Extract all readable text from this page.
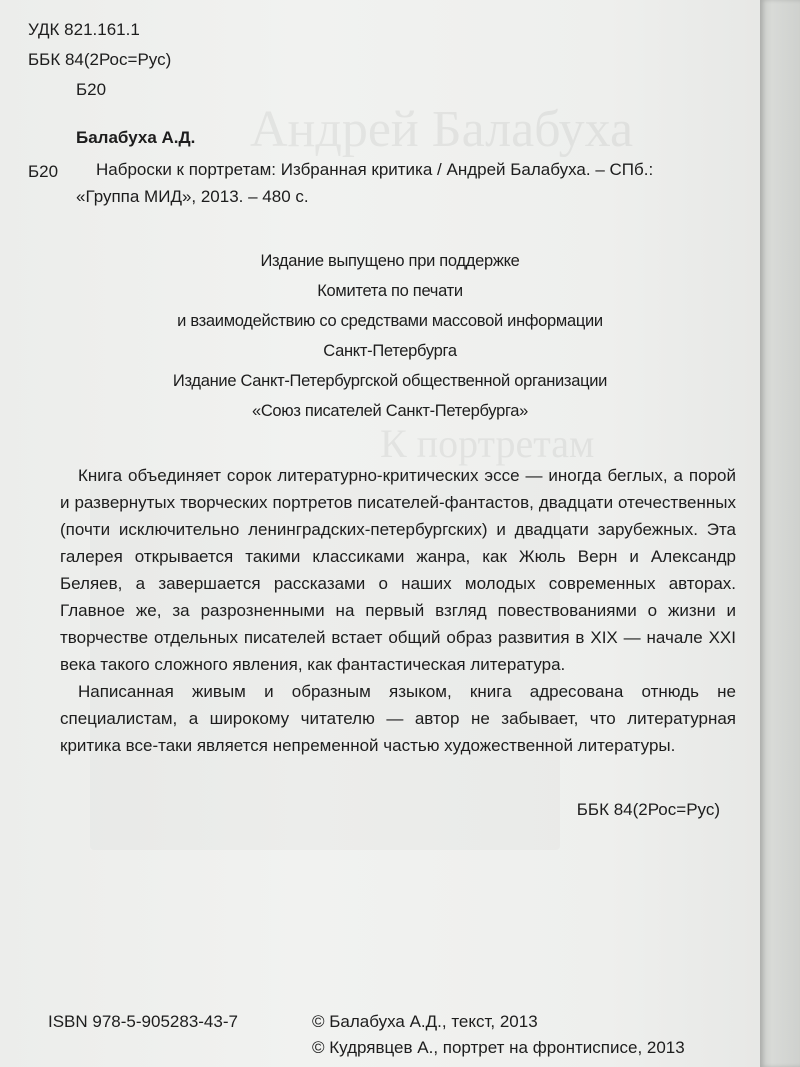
Андрей Балабуха
К портретам
УДК 821.161.1
ББК 84(2Рос=Рус)
Б20
Балабуха А.Д.
Б20 Наброски к портретам: Избранная критика / Андрей Балабуха. – СПб.:
«Группа МИД», 2013. – 480 с.
Издание выпущено при поддержке
Комитета по печати
и взаимодействию со средствами массовой информации
Санкт-Петербурга
Издание Санкт-Петербургской общественной организации
«Союз писателей Санкт-Петербурга»

Книга объединяет сорок литературно-критических эссе — иногда беглых, а порой и развернутых творческих портретов писателей-фантастов, двадцати отечественных (почти исключительно ленинградских-петербургских) и двадцати зарубежных. Эта галерея открывается такими классиками жанра, как Жюль Верн и Александр Беляев, а завершается рассказами о наших молодых современных авторах. Главное же, за разрозненными на первый взгляд повествованиями о жизни и творчестве отдельных писателей встает общий образ развития в XIX — начале XXI века такого сложного явления, как фантастическая литература.

Написанная живым и образным языком, книга адресована отнюдь не специалистам, а широкому читателю — автор не забывает, что литературная критика все-таки является непременной частью художественной литературы.

ББК 84(2Рос=Рус)
ISBN 978-5-905283-43-7	© Балабуха А.Д., текст, 2013
© Кудрявцев А., портрет на фронтисписе, 2013
